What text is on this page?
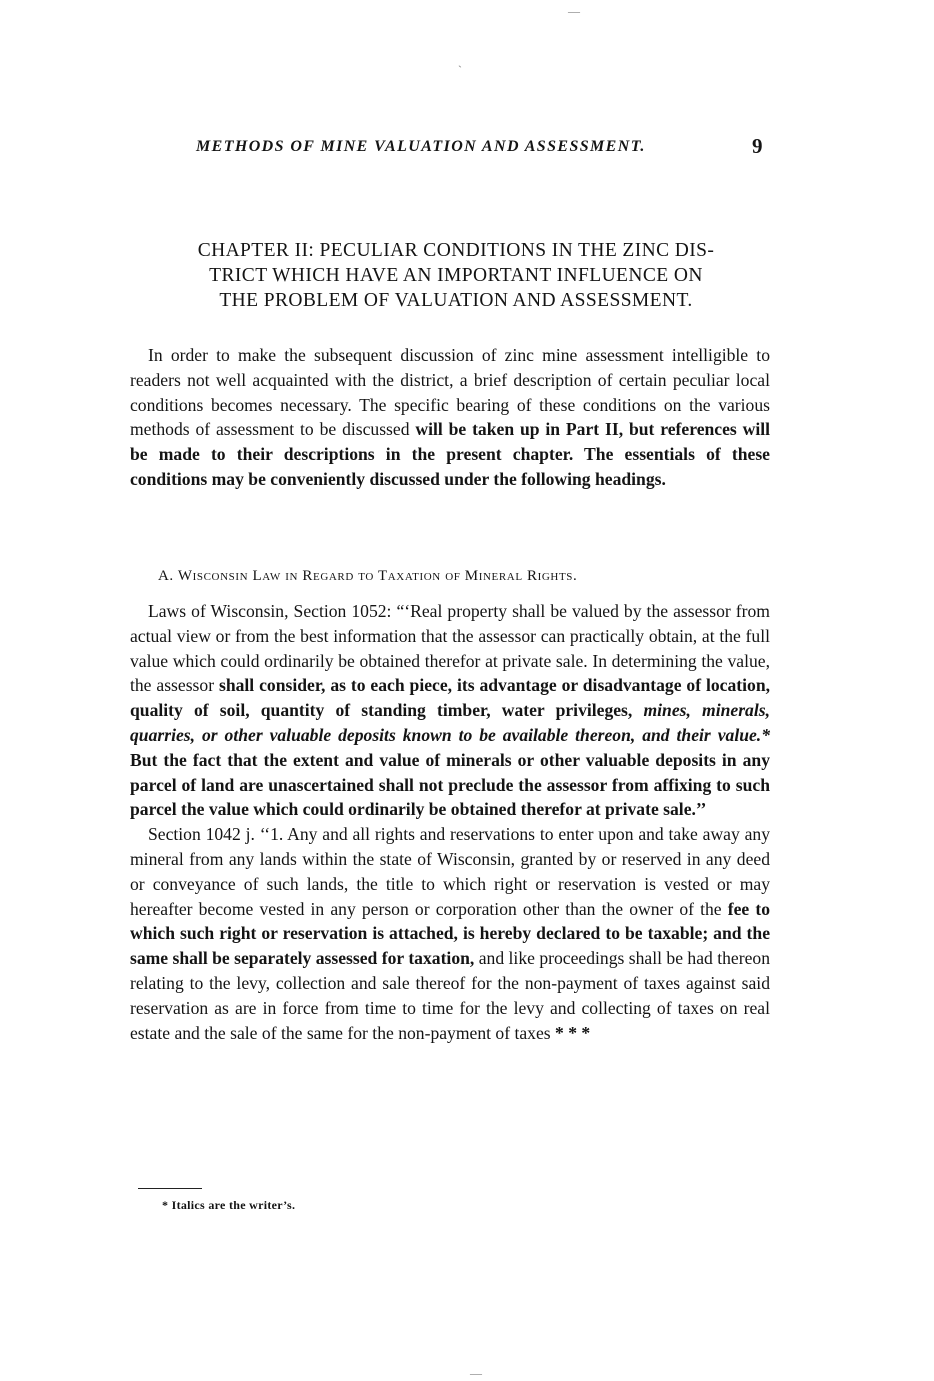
METHODS OF MINE VALUATION AND ASSESSMENT.	9
CHAPTER II: PECULIAR CONDITIONS IN THE ZINC DIS-
TRICT WHICH HAVE AN IMPORTANT INFLUENCE ON
THE PROBLEM OF VALUATION AND ASSESSMENT.

In order to make the subsequent discussion of zinc mine assessment intelligible to readers not well acquainted with the district, a brief description of certain peculiar local conditions becomes necessary. The specific bearing of these conditions on the various methods of assessment to be discussed will be taken up in Part II, but references will be made to their descriptions in the present chapter. The essentials of these conditions may be conveniently discussed under the following headings.

A. Wisconsin Law in Regard to Taxation of Mineral Rights.

Laws of Wisconsin, Section 1052: “‘Real property shall be valued by the assessor from actual view or from the best information that the assessor can practically obtain, at the full value which could ordinarily be obtained therefor at private sale. In determining the value, the assessor shall consider, as to each piece, its advantage or disadvantage of location, quality of soil, quantity of standing timber, water privileges, mines, minerals, quarries, or other valuable deposits known to be available thereon, and their value.* But the fact that the extent and value of minerals or other valuable deposits in any parcel of land are unascertained shall not preclude the assessor from affixing to such parcel the value which could ordinarily be obtained therefor at private sale.’’

Section 1042 j. ‘‘1. Any and all rights and reservations to enter upon and take away any mineral from any lands within the state of Wisconsin, granted by or reserved in any deed or conveyance of such lands, the title to which right or reservation is vested or may hereafter become vested in any person or corporation other than the owner of the fee to which such right or reservation is attached, is hereby declared to be taxable; and the same shall be separately assessed for taxation, and like proceedings shall be had thereon relating to the levy, collection and sale thereof for the non-payment of taxes against said reservation as are in force from time to time for the levy and collecting of taxes on real estate and the sale of the same for the non-payment of taxes * * *

* Italics are the writer’s.
—
ˎ
—
